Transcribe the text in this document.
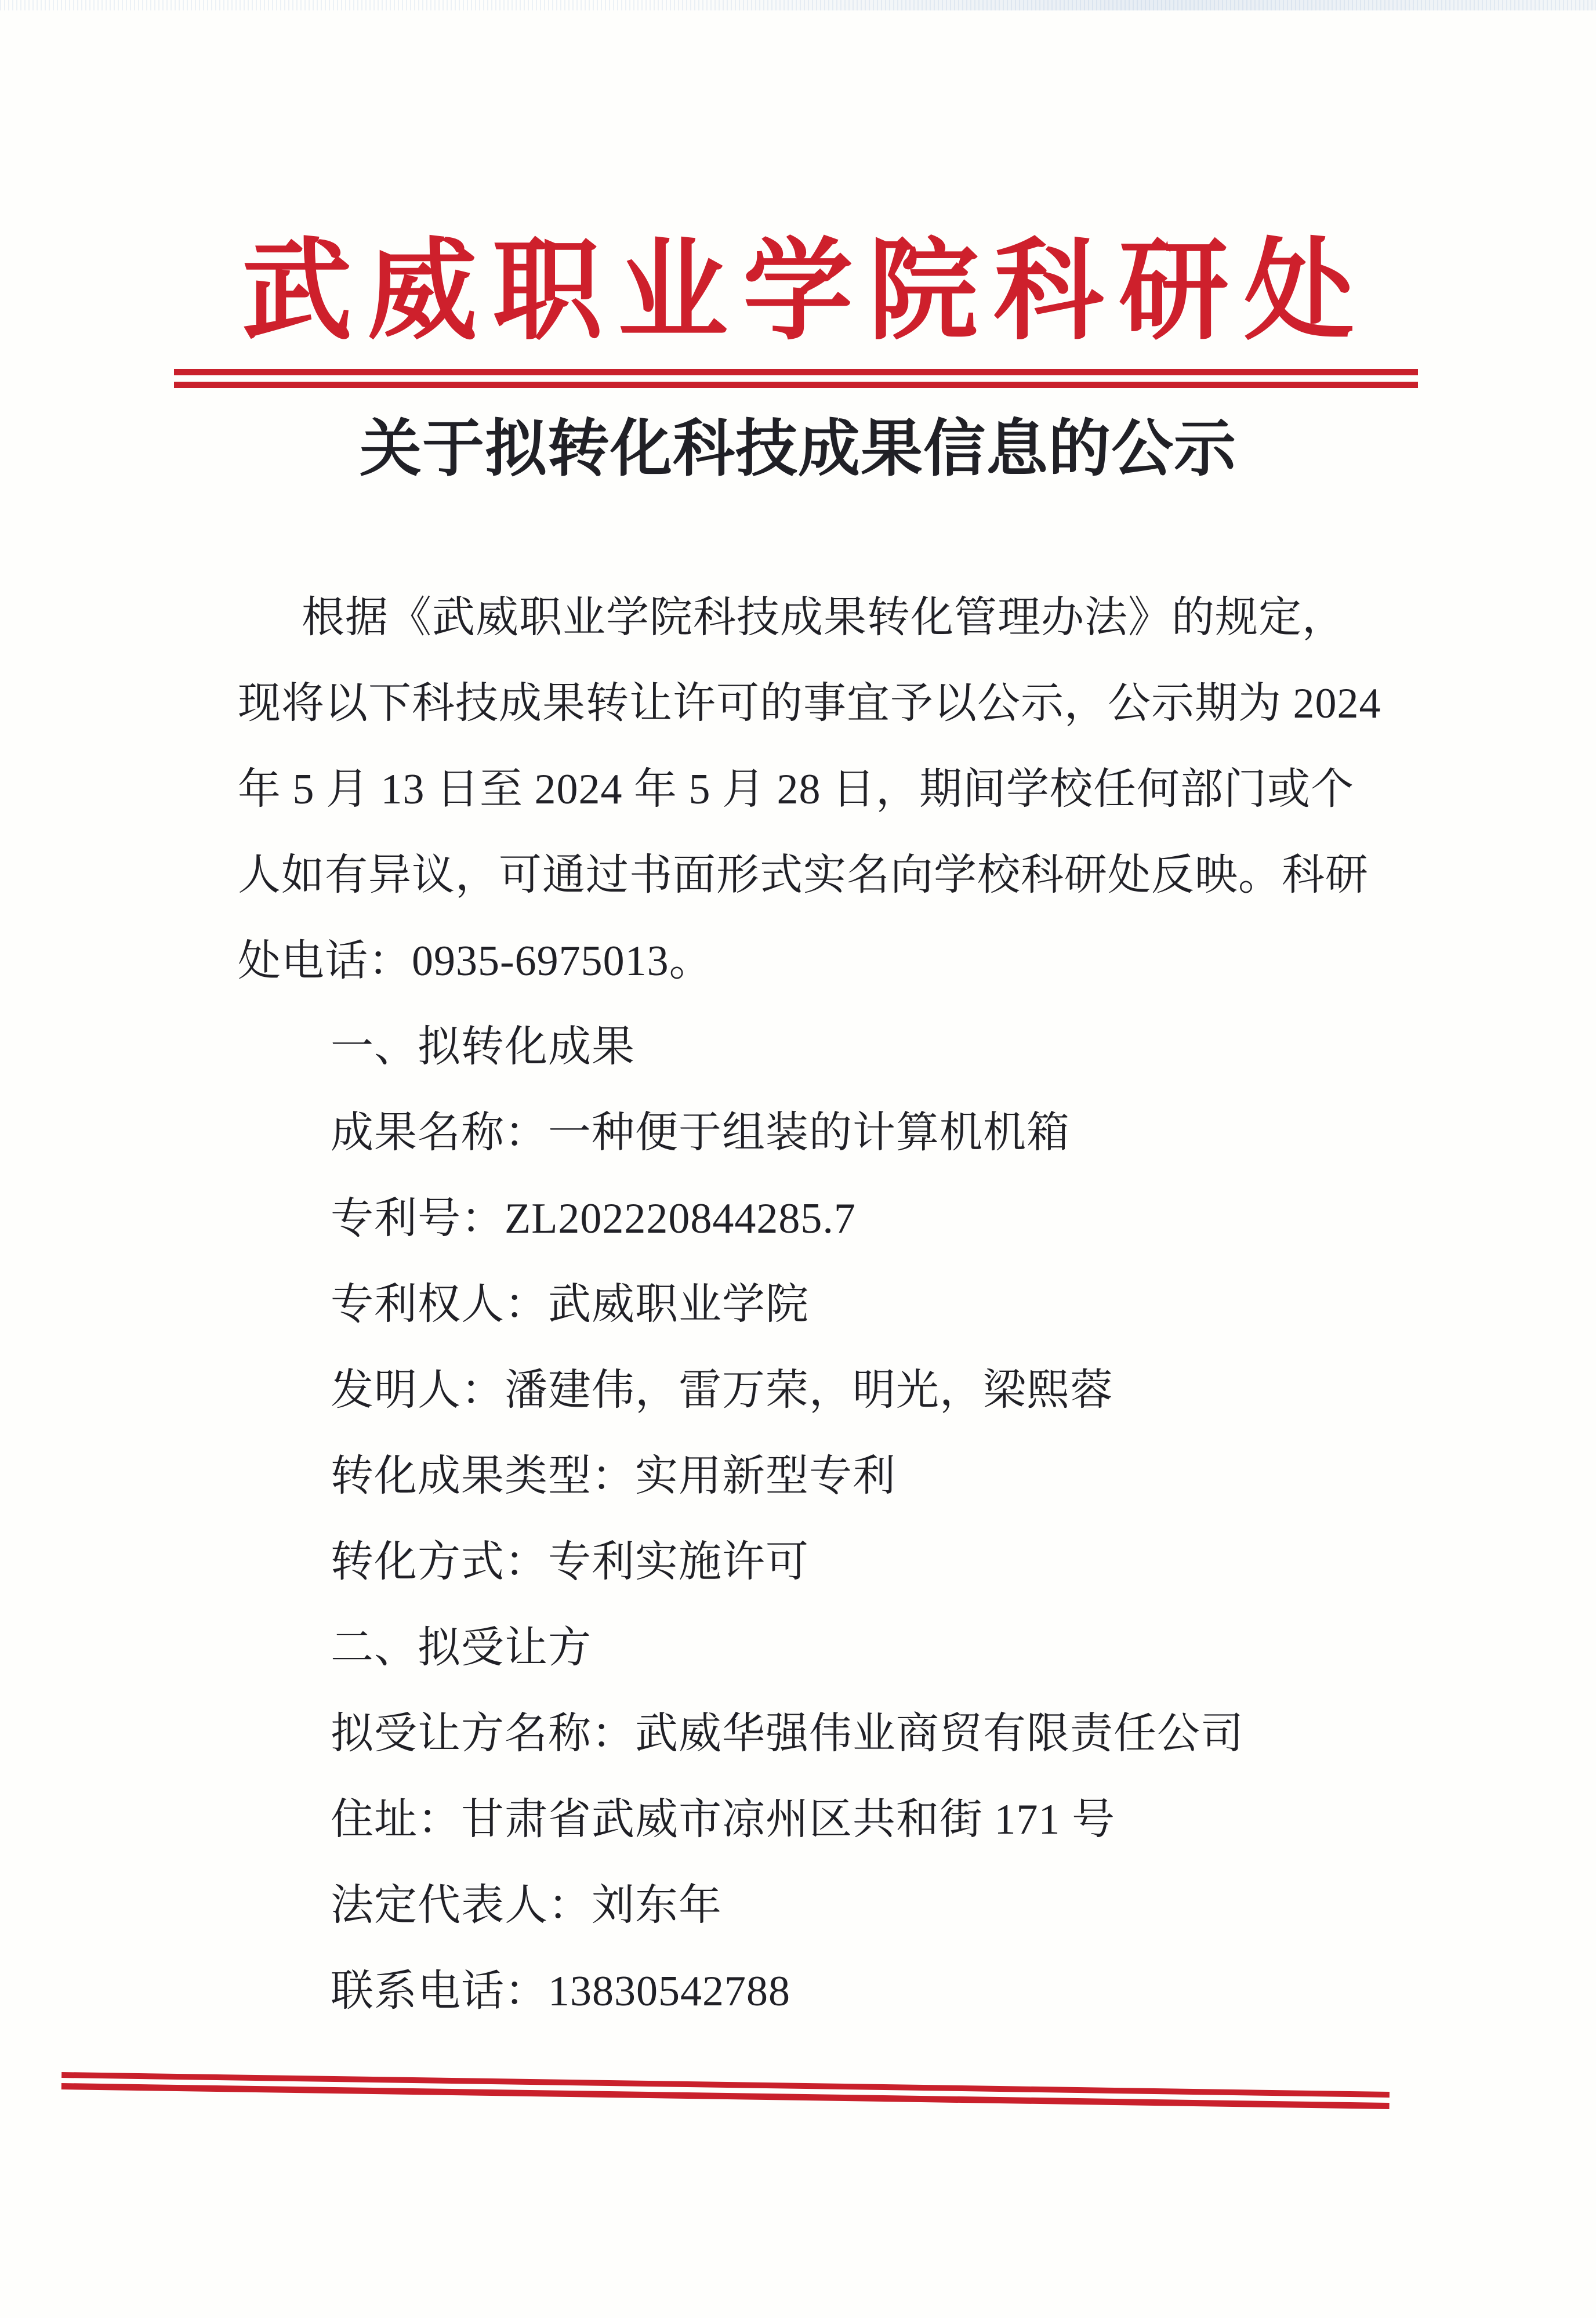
武威职业学院科研处
关于拟转化科技成果信息的公示
根据《武威职业学院科技成果转化管理办法》的规定，
现将以下科技成果转让许可的事宜予以公示，公示期为 2024
年 5 月 13 日至 2024 年 5 月 28 日，期间学校任何部门或个
人如有异议，可通过书面形式实名向学校科研处反映。科研
处电话：0935-6975013。
一、拟转化成果
成果名称：一种便于组装的计算机机箱
专利号：ZL202220844285.7
专利权人：武威职业学院
发明人：潘建伟，雷万荣，明光，梁熙蓉
转化成果类型：实用新型专利
转化方式：专利实施许可
二、拟受让方
拟受让方名称：武威华强伟业商贸有限责任公司
住址：甘肃省武威市凉州区共和街 171 号
法定代表人：刘东年
联系电话：13830542788
